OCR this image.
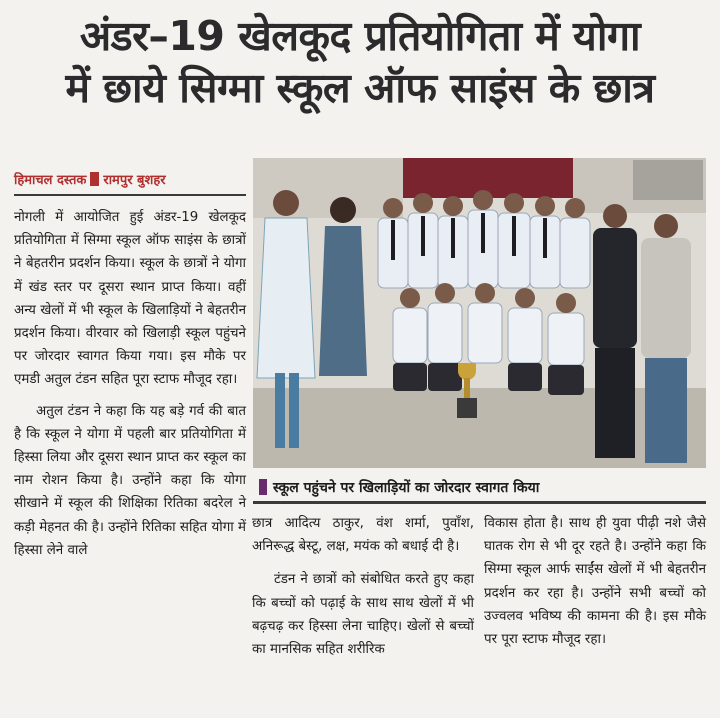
अंडर–19 खेलकूद प्रतियोगिता में योगा
में छाये सिग्मा स्कूल ऑफ साइंस के छात्र
हिमाचल दस्तक रामपुर बुशहर

नोगली में आयोजित हुई अंडर-19 खेलकूद प्रतियोगिता में सिग्मा स्कूल ऑफ साइंस के छात्रों ने बेहतरीन प्रदर्शन किया। स्कूल के छात्रों ने योगा में खंड स्तर पर दूसरा स्थान प्राप्त किया। वहीं अन्य खेलों में भी स्कूल के खिलाड़ियों ने बेहतरीन प्रदर्शन किया। वीरवार को खिलाड़ी स्कूल पहुंचने पर जोरदार स्वागत किया गया। इस मौके पर एमडी अतुल टंडन सहित पूरा स्टाफ मौजूद रहा।

अतुल टंडन ने कहा कि यह बड़े गर्व की बात है कि स्कूल ने योगा में पहली बार प्रतियोगिता में हिस्सा लिया और दूसरा स्थान प्राप्त कर स्कूल का नाम रोशन किया है। उन्होंने कहा कि योगा सीखाने में स्कूल की शिक्षिका रितिका बदरेल ने कड़ी मेहनत की है। उन्होंने रितिका सहित योगा में हिस्सा लेने वाले

स्कूल पहुंचने पर खिलाड़ियों का जोरदार स्वागत किया

छात्र आदित्य ठाकुर, वंश शर्मा, पुवाँश, अनिरूद्ध बेस्टू, लक्ष, मयंक को बधाई दी है।

टंडन ने छात्रों को संबोधित करते हुए कहा कि बच्चों को पढ़ाई के साथ साथ खेलों में भी बढ़चढ़ कर हिस्सा लेना चाहिए। खेलों से बच्चों का मानसिक सहित शरीरिक

विकास होता है। साथ ही युवा पीढ़ी नशे जैसे घातक रोग से भी दूर रहते है। उन्होंने कहा कि सिग्मा स्कूल आर्फ साईंस खेलों में भी बेहतरीन प्रदर्शन कर रहा है। उन्होंने सभी बच्चों को उज्वलव भविष्य की कामना की है। इस मौके पर पूरा स्टाफ मौजूद रहा।
